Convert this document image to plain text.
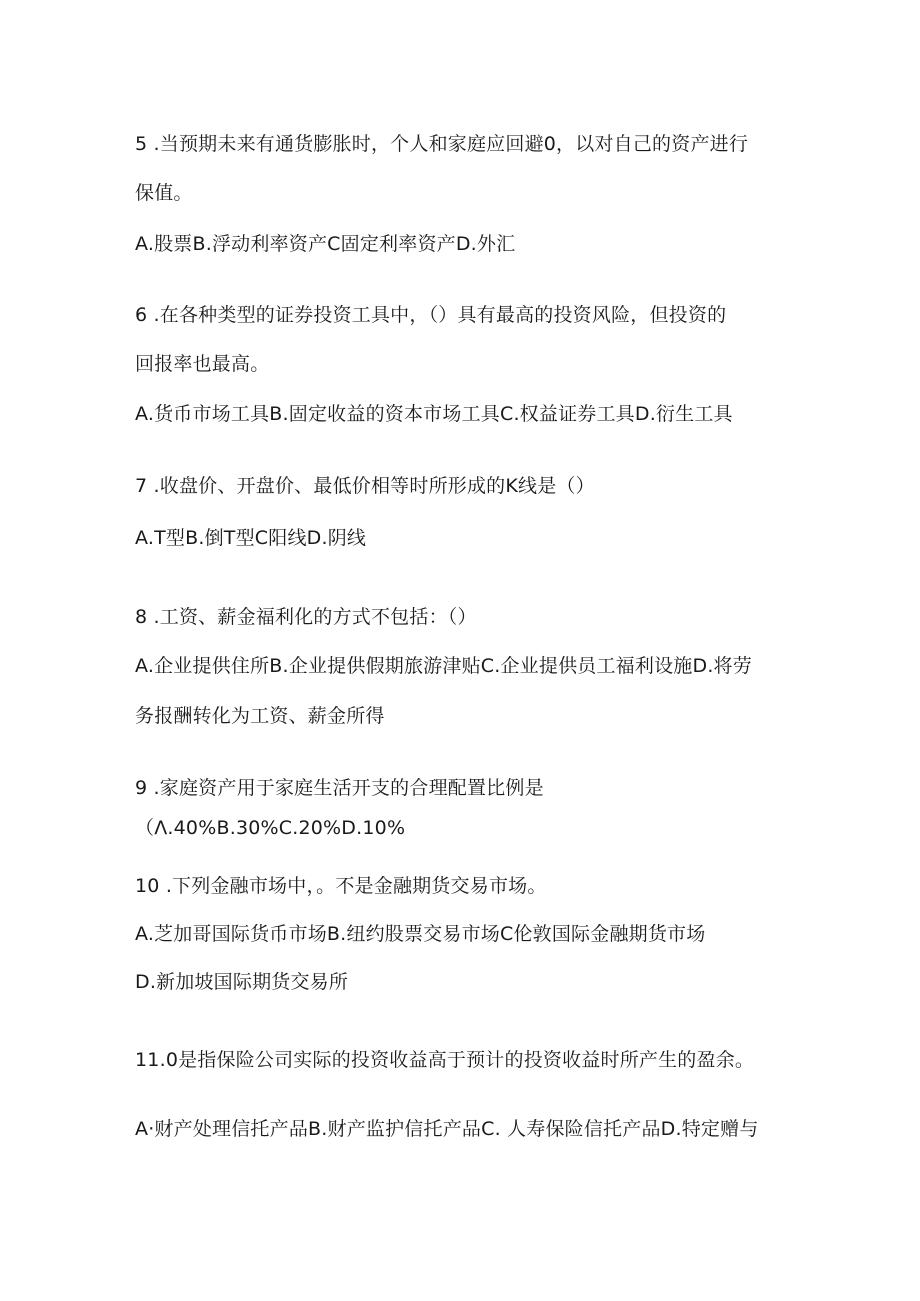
5 .当预期未来有通货膨胀时，个人和家庭应回避0，以对自己的资产进行

保值。

A.股票B.浮动利率资产C固定利率资产D.外汇

6 .在各种类型的证券投资工具中，（）具有最高的投资风险，但投资的

回报率也最高。

A.货币市场工具B.固定收益的资本市场工具C.权益证券工具D.衍生工具

7 .收盘价、开盘价、最低价相等时所形成的K线是（）

A.T型B.倒T型C阳线D.阴线

8 .工资、薪金福利化的方式不包括：（）

A.企业提供住所B.企业提供假期旅游津贴C.企业提供员工福利设施D.将劳

务报酬转化为工资、薪金所得

9 .家庭资产用于家庭生活开支的合理配置比例是

（Λ.40%B.30%C.20%D.10%

10 .下列金融市场中，。不是金融期货交易市场。

A.芝加哥国际货币市场B.纽约股票交易市场C伦敦国际金融期货市场

D.新加坡国际期货交易所

11.0是指保险公司实际的投资收益高于预计的投资收益时所产生的盈余。

A·财产处理信托产品B.财产监护信托产品C. 人寿保险信托产品D.特定赠与
